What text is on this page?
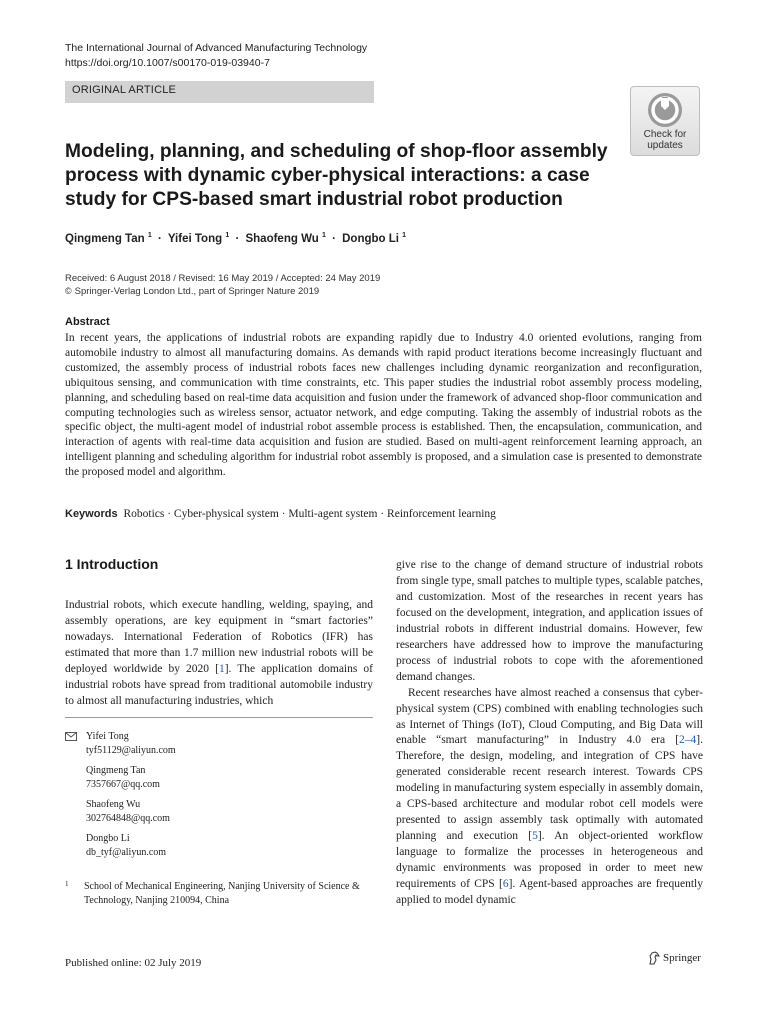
The International Journal of Advanced Manufacturing Technology
https://doi.org/10.1007/s00170-019-03940-7
ORIGINAL ARTICLE
Check for
updates
Modeling, planning, and scheduling of shop-floor assembly process with dynamic cyber-physical interactions: a case study for CPS-based smart industrial robot production
Qingmeng Tan $^1$ · Yifei Tong $^1$ · Shaofeng Wu $^1$ · Dongbo Li $^1$
Received: 6 August 2018 / Revised: 16 May 2019 / Accepted: 24 May 2019
© Springer-Verlag London Ltd., part of Springer Nature 2019
Abstract
In recent years, the applications of industrial robots are expanding rapidly due to Industry 4.0 oriented evolutions, ranging from automobile industry to almost all manufacturing domains. As demands with rapid product iterations become increasingly fluctuant and customized, the assembly process of industrial robots faces new challenges including dynamic reorganization and reconfiguration, ubiquitous sensing, and communication with time constraints, etc. This paper studies the industrial robot assembly process modeling, planning, and scheduling based on real-time data acquisition and fusion under the framework of advanced shop-floor communication and computing technologies such as wireless sensor, actuator network, and edge computing. Taking the assembly of industrial robots as the specific object, the multi-agent model of industrial robot assemble process is established. Then, the encapsulation, communication, and interaction of agents with real-time data acquisition and fusion are studied. Based on multi-agent reinforcement learning approach, an intelligent planning and scheduling algorithm for industrial robot assembly is proposed, and a simulation case is presented to demonstrate the proposed model and algorithm.
Keywords Robotics · Cyber-physical system · Multi-agent system · Reinforcement learning
1 Introduction

Industrial robots, which execute handling, welding, spaying, and assembly operations, are key equipment in “smart factories” nowadays. International Federation of Robotics (IFR) has estimated that more than 1.7 million new industrial robots will be deployed worldwide by 2020 [1]. The application domains of industrial robots have spread from traditional automobile industry to almost all manufacturing industries, which

give rise to the change of demand structure of industrial robots from single type, small patches to multiple types, scalable patches, and customization. Most of the researches in recent years has focused on the development, integration, and application issues of industrial robots in different industrial domains. However, few researchers have addressed how to improve the manufacturing process of industrial robots to cope with the aforementioned demand changes.

Recent researches have almost reached a consensus that cyber-physical system (CPS) combined with enabling technologies such as Internet of Things (IoT), Cloud Computing, and Big Data will enable “smart manufacturing” in Industry 4.0 era [2–4]. Therefore, the design, modeling, and integration of CPS have generated considerable recent research interest. Towards CPS modeling in manufacturing system especially in assembly domain, a CPS-based architecture and modular robot cell models were presented to assign assembly task optimally with automated planning and execution [5]. An object-oriented workflow language to formalize the processes in heterogeneous and dynamic environments was proposed in order to meet new requirements of CPS [6]. Agent-based approaches are frequently applied to model dynamic

Yifei Tong
tyf51129@aliyun.com
Qingmeng Tan
7357667@qq.com
Shaofeng Wu
302764848@qq.com
Dongbo Li
db_tyf@aliyun.com
1 School of Mechanical Engineering, Nanjing University of Science & Technology, Nanjing 210094, China
Published online: 02 July 2019	Springer
